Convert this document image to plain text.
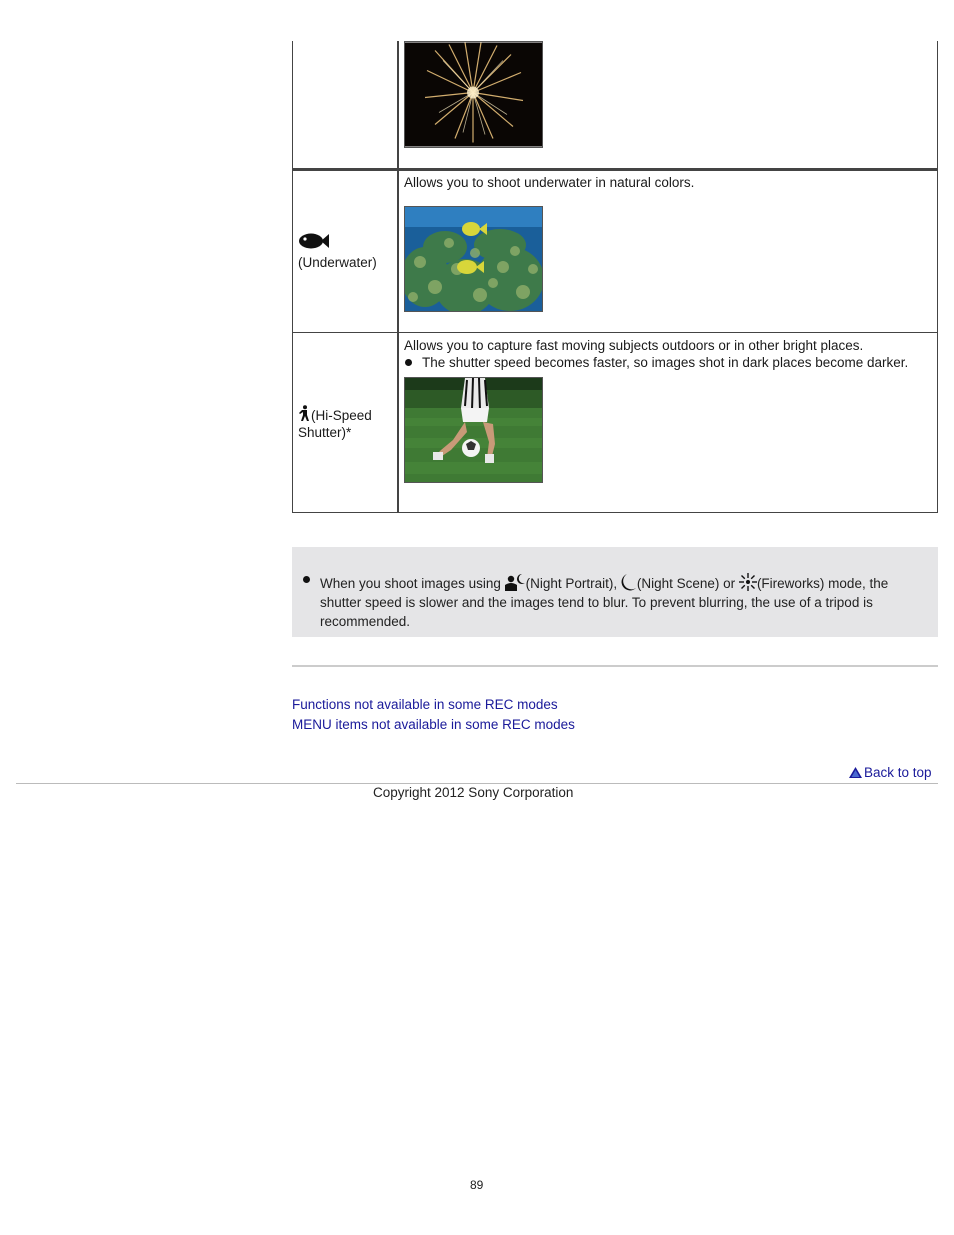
(Underwater)
Allows you to shoot underwater in natural colors.
(Hi-Speed Shutter)*
Allows you to capture fast moving subjects outdoors or in other bright places.
The shutter speed becomes faster, so images shot in dark places become darker.
When you shoot images using (Night Portrait), (Night Scene) or (Fireworks) mode, the shutter speed is slower and the images tend to blur. To prevent blurring, the use of a tripod is recommended.
Functions not available in some REC modes
MENU items not available in some REC modes
Back to top
Copyright 2012 Sony Corporation
89
